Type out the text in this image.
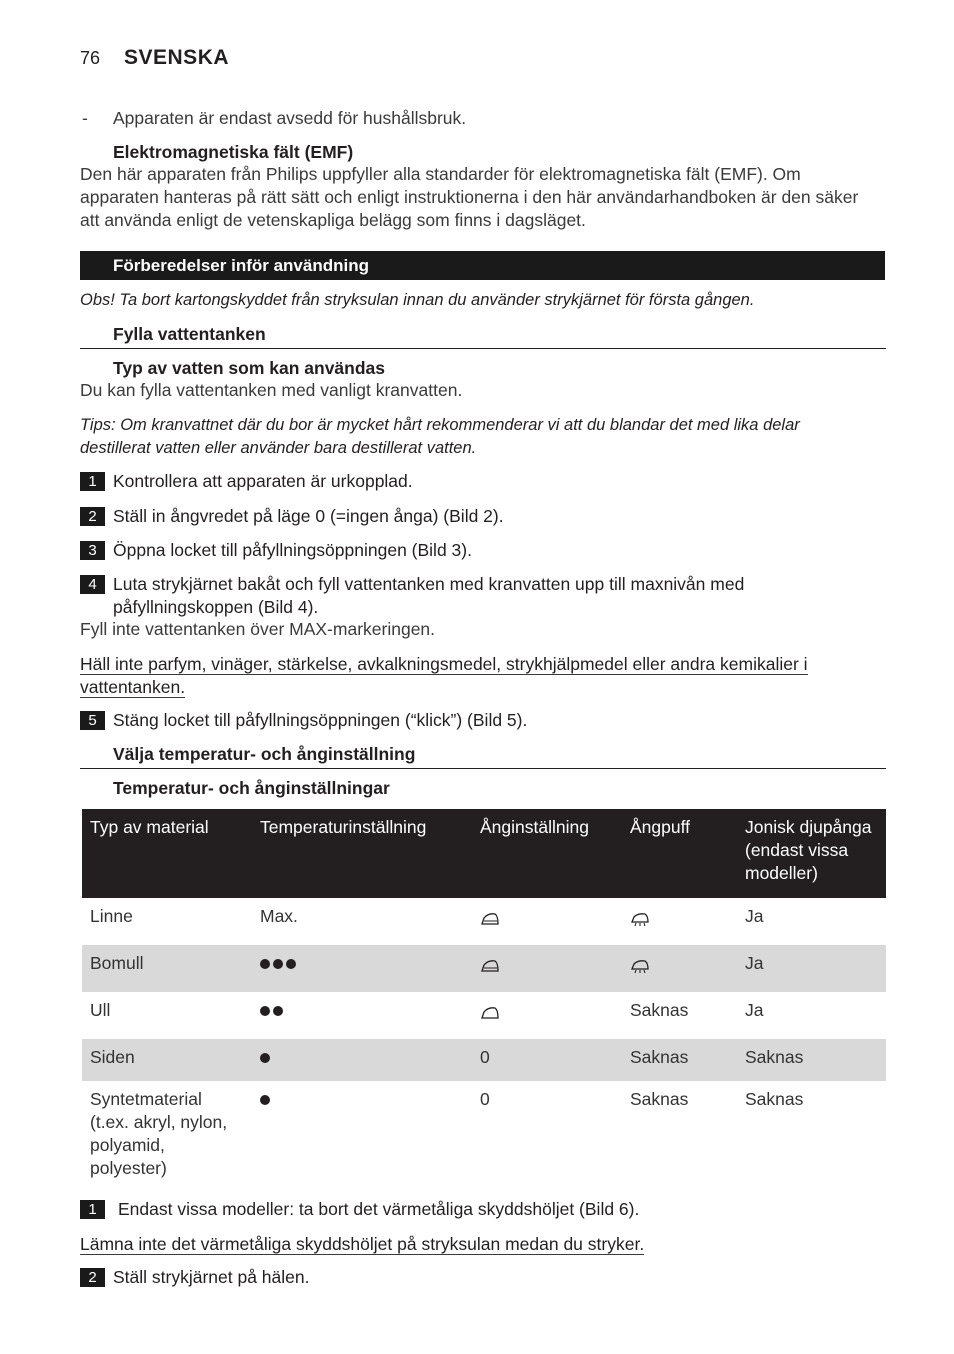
76 SVENSKA
- Apparaten är endast avsedd för hushållsbruk.
Elektromagnetiska fält (EMF)
Den här apparaten från Philips uppfyller alla standarder för elektromagnetiska fält (EMF). Om
apparaten hanteras på rätt sätt och enligt instruktionerna i den här användarhandboken är den säker
att använda enligt de vetenskapliga belägg som finns i dagsläget.
Förberedelser inför användning
Obs! Ta bort kartongskyddet från stryksulan innan du använder strykjärnet för första gången.
Fylla vattentanken
Typ av vatten som kan användas
Du kan fylla vattentanken med vanligt kranvatten.
Tips: Om kranvattnet där du bor är mycket hårt rekommenderar vi att du blandar det med lika delar
destillerat vatten eller använder bara destillerat vatten.
1 Kontrollera att apparaten är urkopplad.
2 Ställ in ångvredet på läge 0 (=ingen ånga) (Bild 2).
3 Öppna locket till påfyllningsöppningen (Bild 3).
4 Luta strykjärnet bakåt och fyll vattentanken med kranvatten upp till maxnivån med
påfyllningskoppen (Bild 4).
Fyll inte vattentanken över MAX-markeringen.
Häll inte parfym, vinäger, stärkelse, avkalkningsmedel, strykhjälpmedel eller andra kemikalier i
vattentanken.
5 Stäng locket till påfyllningsöppningen (“klick”) (Bild 5).
Välja temperatur- och ånginställning
Temperatur- och ånginställningar
Typ av material	Temperaturinställning	Ånginställning	Ångpuff	Jonisk djupånga (endast vissa modeller)
Linne	Max.			Ja
Bomull				Ja
Ull			Saknas	Ja
Siden		0	Saknas	Saknas
Syntetmaterial (t.ex. akryl, nylon, polyamid, polyester)		0	Saknas	Saknas
1	Endast vissa modeller: ta bort det värmetåliga skyddshöljet (Bild 6).
Lämna inte det värmetåliga skyddshöljet på stryksulan medan du stryker.
2 Ställ strykjärnet på hälen.
